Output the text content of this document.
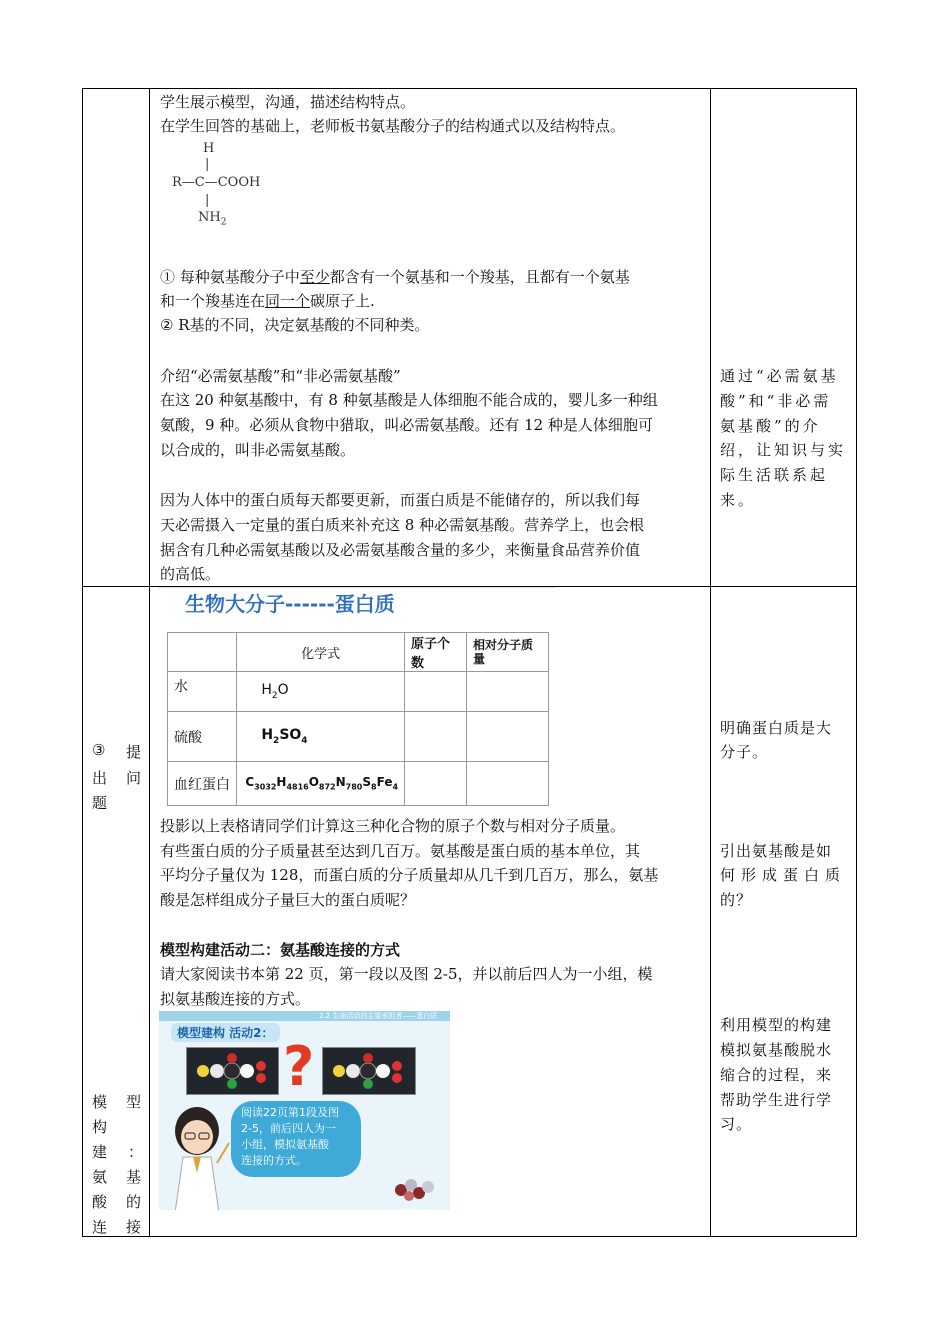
学生展示模型，沟通，描述结构特点。
在学生回答的基础上，老师板书氨基酸分子的结构通式以及结构特点。
H
|
R—C—COOH
|
$NH_2$
① 每种氨基酸分子中至少都含有一个氨基和一个羧基，且都有一个氨基
和一个羧基连在同一个碳原子上.
② R基的不同，决定氨基酸的不同种类。
介绍“必需氨基酸”和“非必需氨基酸”
在这 20 种氨基酸中，有 8 种氨基酸是人体细胞不能合成的，婴儿多一种组
氨酸，9 种。必须从食物中猎取，叫必需氨基酸。还有 12 种是人体细胞可
以合成的，叫非必需氨基酸。
因为人体中的蛋白质每天都要更新，而蛋白质是不能储存的，所以我们每
天必需摄入一定量的蛋白质来补充这 8 种必需氨基酸。营养学上，也会根
据含有几种必需氨基酸以及必需氨基酸含量的多少，来衡量食品营养价值
的高低。
通过“必需氨基
酸”和“非必需
氨基酸”的介
绍，让知识与实
际生活联系起
来。
③ 提
出 问
题
模 型
构
建 ：
氨 基
酸 的
连 接
生物大分子------蛋白质
	化学式	原子个数	相对分子质量
水	$H_2O$		
硫酸	$H_2SO_4$		
血红蛋白	$C_{3032}H_{4816}O_{872}N_{780}S_8Fe_4$		
投影以上表格请同学们计算这三种化合物的原子个数与相对分子质量。
有些蛋白质的分子质量甚至达到几百万。氨基酸是蛋白质的基本单位，其
平均分子量仅为 128，而蛋白质的分子质量却从几千到几百万，那么，氨基
酸是怎样组成分子量巨大的蛋白质呢？
模型构建活动二：氨基酸连接的方式
请大家阅读书本第 22 页，第一段以及图 2-5，并以前后四人为一小组，模
拟氨基酸连接的方式。
2.2 生命活动的主要承担者——蛋白质
模型建构 活动2：
?
阅读22页第1段及图
2-5，前后四人为一
小组，模拟氨基酸
连接的方式。
明确蛋白质是大
分子。
引出氨基酸是如
何形成蛋白质
的？
利用模型的构建
模拟氨基酸脱水
缩合的过程，来
帮助学生进行学
习。
